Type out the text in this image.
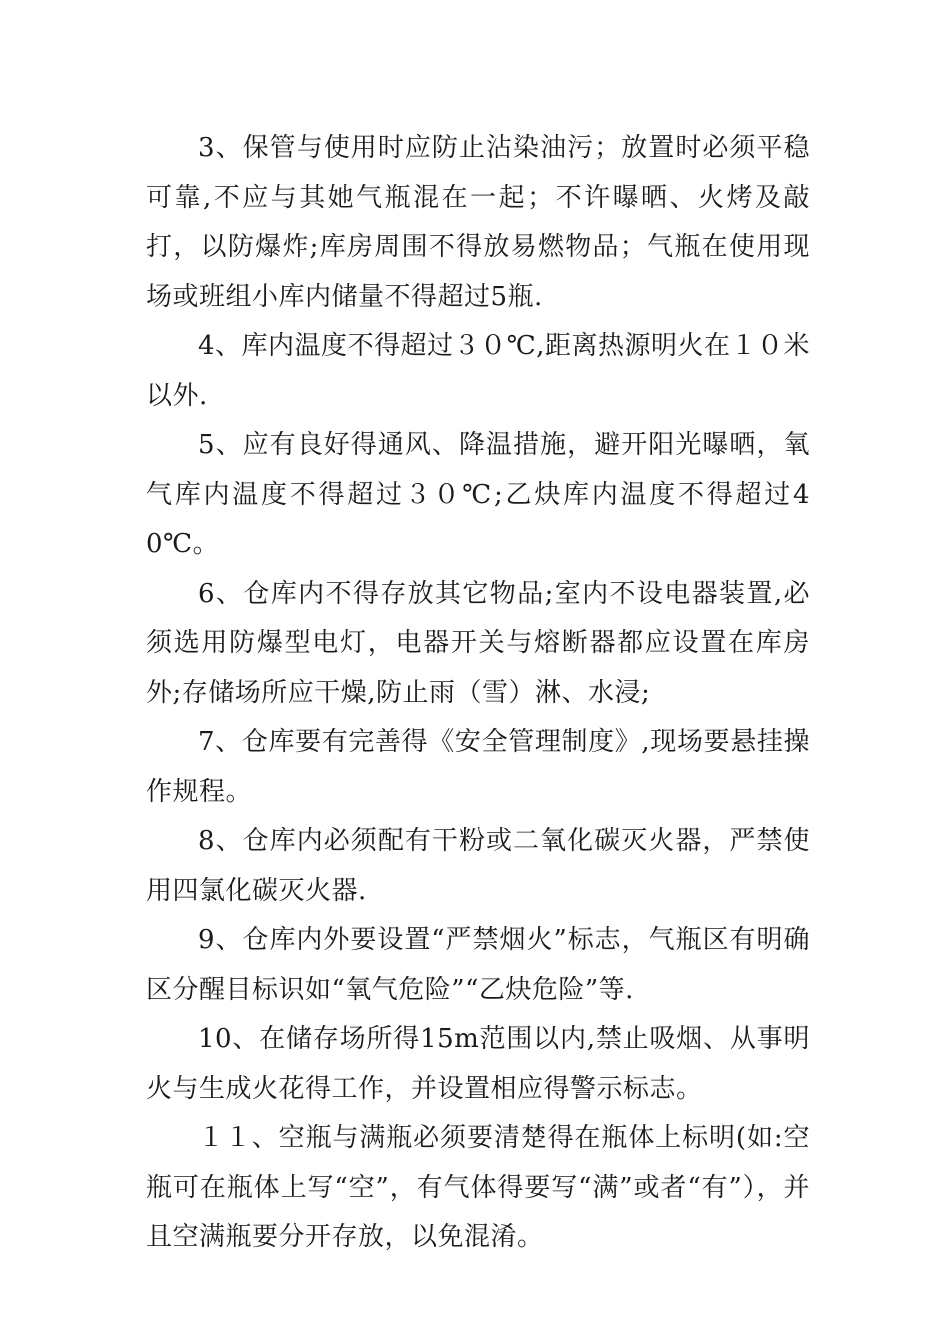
3、保管与使用时应防止沾染油污；放置时必须平稳可靠,不应与其她气瓶混在一起；不许曝晒、火烤及敲打，以防爆炸;库房周围不得放易燃物品；气瓶在使用现场或班组小库内储量不得超过5瓶.

4、库内温度不得超过３０℃,距离热源明火在１０米以外.

5、应有良好得通风、降温措施，避开阳光曝晒，氧气库内温度不得超过３０℃;乙炔库内温度不得超过40℃。

6、仓库内不得存放其它物品;室内不设电器装置,必须选用防爆型电灯，电器开关与熔断器都应设置在库房外;存储场所应干燥,防止雨（雪）淋、水浸;

7、仓库要有完善得《安全管理制度》,现场要悬挂操作规程。

8、仓库内必须配有干粉或二氧化碳灭火器，严禁使用四氯化碳灭火器.

9、仓库内外要设置“严禁烟火”标志，气瓶区有明确区分醒目标识如“氧气危险”“乙炔危险”等.

10、在储存场所得15m范围以内,禁止吸烟、从事明火与生成火花得工作，并设置相应得警示标志。

１１、空瓶与满瓶必须要清楚得在瓶体上标明(如:空瓶可在瓶体上写“空”，有气体得要写“满”或者“有”），并且空满瓶要分开存放，以免混淆。
